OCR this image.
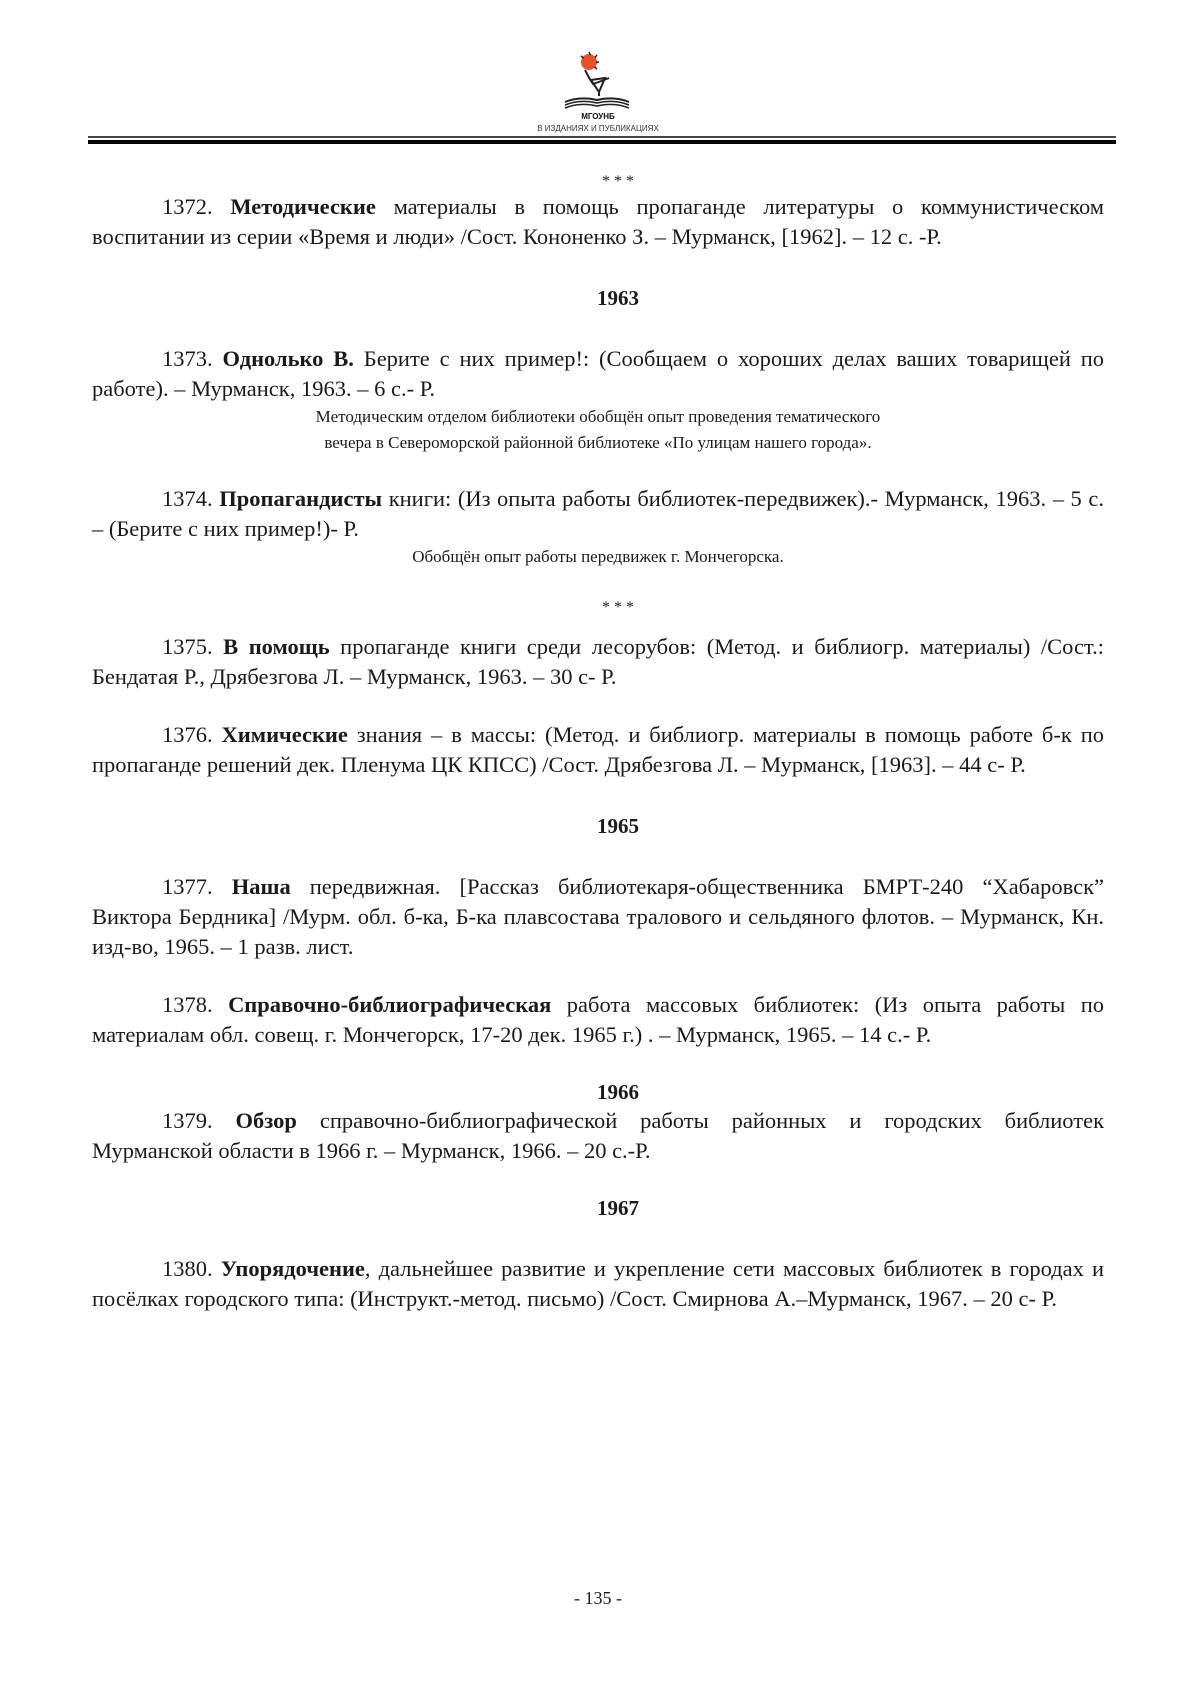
МГОУНБ
В ИЗДАНИЯХ И ПУБЛИКАЦИЯХ
* * *

1372. Методические материалы в помощь пропаганде литературы о коммунистическом воспитании из серии «Время и люди» /Сост. Кононенко З. – Мурманск, [1962]. – 12 с. -Р.

1963

1373. Однолько В. Берите с них пример!: (Сообщаем о хороших делах ваших товарищей по работе). – Мурманск, 1963. – 6 с.- Р.

Методическим отделом библиотеки обобщён опыт проведения тематического
вечера в Североморской районной библиотеке «По улицам нашего города».

1374. Пропагандисты книги: (Из опыта работы библиотек-передвижек).- Мурманск, 1963. – 5 с. – (Берите с них пример!)- Р.

Обобщён опыт работы передвижек г. Мончегорска.

* * *

1375. В помощь пропаганде книги среди лесорубов: (Метод. и библиогр. материалы) /Сост.: Бендатая Р., Дрябезгова Л. – Мурманск, 1963. – 30 с- Р.

1376. Химические знания – в массы: (Метод. и библиогр. материалы в помощь работе б-к по пропаганде решений дек. Пленума ЦК КПСС) /Сост. Дрябезгова Л. – Мурманск, [1963]. – 44 с- Р.

1965

1377. Наша передвижная. [Рассказ библиотекаря-общественника БМРТ-240 “Хабаровск” Виктора Бердника] /Мурм. обл. б-ка, Б-ка плавсостава тралового и сельдяного флотов. – Мурманск, Кн. изд-во, 1965. – 1 разв. лист.

1378. Справочно-библиографическая работа массовых библиотек: (Из опыта работы по материалам обл. совещ. г. Мончегорск, 17-20 дек. 1965 г.) . – Мурманск, 1965. – 14 с.- Р.

1966

1379. Обзор справочно-библиографической работы районных и городских библиотек Мурманской области в 1966 г. – Мурманск, 1966. – 20 с.-Р.

1967

1380. Упорядочение, дальнейшее развитие и укрепление сети массовых библиотек в городах и посёлках городского типа: (Инструкт.-метод. письмо) /Сост. Смирнова А.–Мурманск, 1967. – 20 с- Р.

- 135 -
